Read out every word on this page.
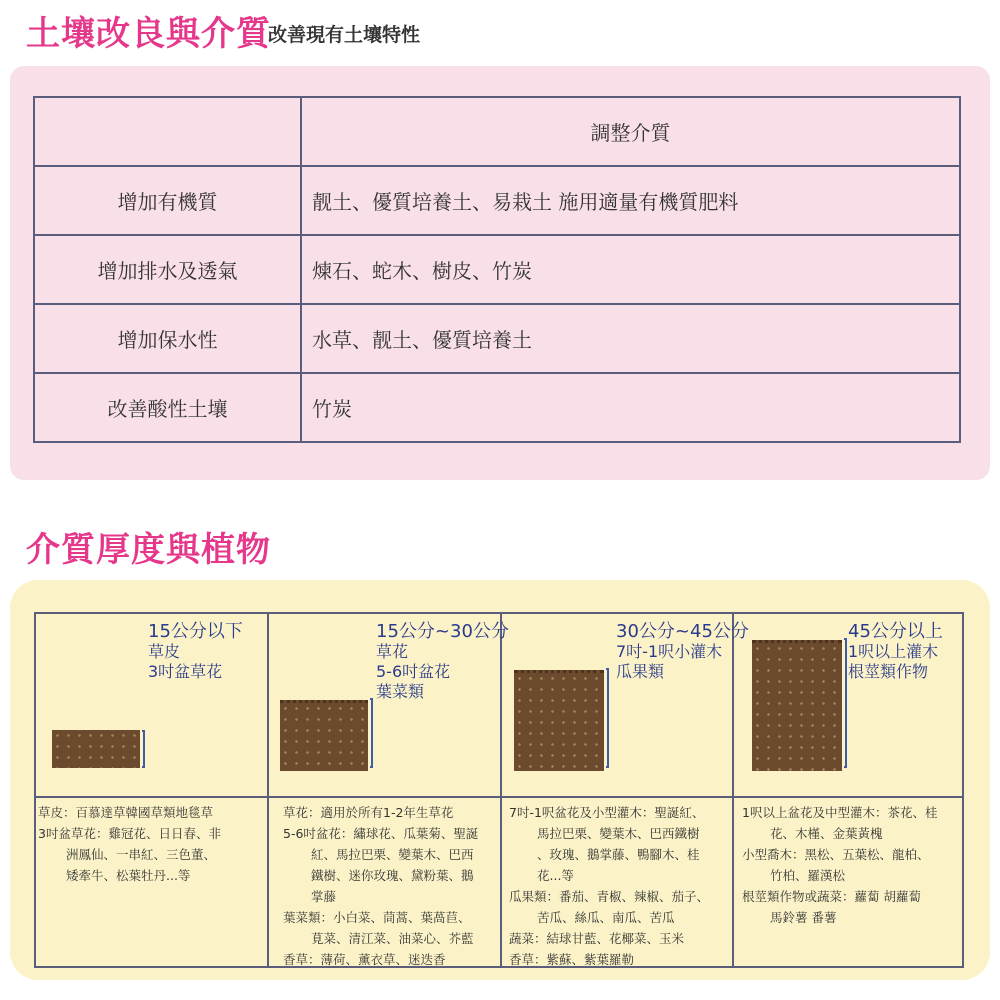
土壤改良與介質
改善現有土壤特性
	調整介質
增加有機質	靓土、優質培養土、易栽土 施用適量有機質肥料
增加排水及透氣	煉石、蛇木、樹皮、竹炭
增加保水性	水草、靓土、優質培養土
改善酸性土壤	竹炭
介質厚度與植物
15公分以下
草皮
3吋盆草花
草皮：百慕達草韓國草類地毯草
3吋盆草花：雞冠花、日日春、非
洲鳳仙、一串紅、三色董、
矮牽牛、松葉牡丹...等
15公分~30公分
草花
5-6吋盆花
葉菜類
草花：適用於所有1-2年生草花
5-6吋盆花：繡球花、瓜葉菊、聖誕
紅、馬拉巴栗、變葉木、巴西
鐵樹、迷你玫瑰、黛粉葉、鵝
掌藤
葉菜類：小白菜、茼蒿、葉萵苣、
莧菜、清江菜、油菜心、芥藍
香草：薄荷、薰衣草、迷迭香
30公分~45公分
7吋-1呎小灌木
瓜果類
7吋-1呎盆花及小型灌木：聖誕紅、
馬拉巴栗、變葉木、巴西鐵樹
、玫瑰、鵝掌藤、鴨腳木、桂
花...等
瓜果類：番茄、青椒、辣椒、茄子、
苦瓜、絲瓜、南瓜、苦瓜
蔬菜：結球甘藍、花椰菜、玉米
香草：紫蘇、紫葉羅勒
45公分以上
1呎以上灌木
根莖類作物
1呎以上盆花及中型灌木：茶花、桂
花、木槿、金葉黃槐
小型喬木：黑松、五葉松、龍柏、
竹柏、羅漢松
根莖類作物或蔬菜：蘿蔔 胡蘿蔔
馬鈴薯 番薯
